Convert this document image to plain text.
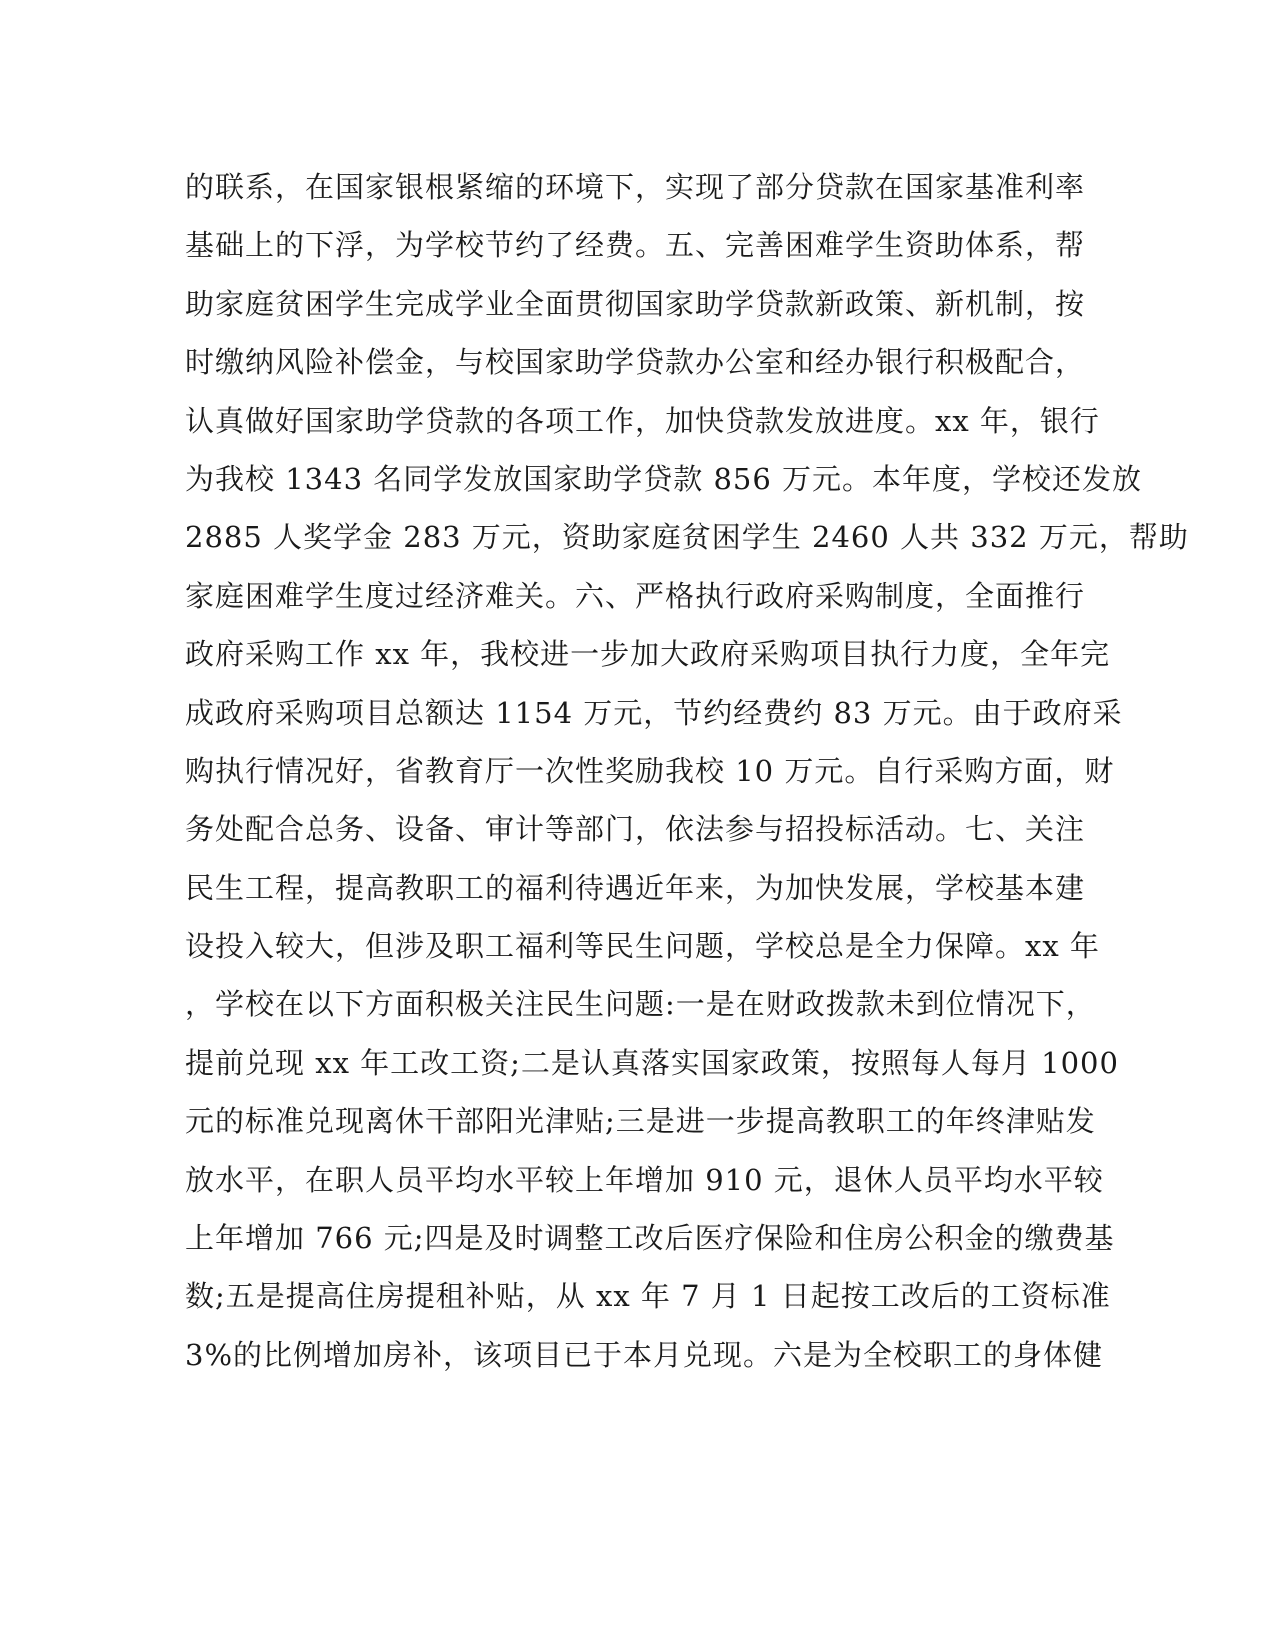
的联系，在国家银根紧缩的环境下，实现了部分贷款在国家基准利率
基础上的下浮，为学校节约了经费。五、完善困难学生资助体系，帮
助家庭贫困学生完成学业全面贯彻国家助学贷款新政策、新机制，按
时缴纳风险补偿金，与校国家助学贷款办公室和经办银行积极配合，
认真做好国家助学贷款的各项工作，加快贷款发放进度。xx 年，银行
为我校 1343 名同学发放国家助学贷款 856 万元。本年度，学校还发放
2885 人奖学金 283 万元，资助家庭贫困学生 2460 人共 332 万元，帮助
家庭困难学生度过经济难关。六、严格执行政府采购制度，全面推行
政府采购工作 xx 年，我校进一步加大政府采购项目执行力度，全年完
成政府采购项目总额达 1154 万元，节约经费约 83 万元。由于政府采
购执行情况好，省教育厅一次性奖励我校 10 万元。自行采购方面，财
务处配合总务、设备、审计等部门，依法参与招投标活动。七、关注
民生工程，提高教职工的福利待遇近年来，为加快发展，学校基本建
设投入较大，但涉及职工福利等民生问题，学校总是全力保障。xx 年
，学校在以下方面积极关注民生问题:一是在财政拨款未到位情况下，
提前兑现 xx 年工改工资;二是认真落实国家政策，按照每人每月 1000
元的标准兑现离休干部阳光津贴;三是进一步提高教职工的年终津贴发
放水平，在职人员平均水平较上年增加 910 元，退休人员平均水平较
上年增加 766 元;四是及时调整工改后医疗保险和住房公积金的缴费基
数;五是提高住房提租补贴，从 xx 年 7 月 1 日起按工改后的工资标准
3%的比例增加房补，该项目已于本月兑现。六是为全校职工的身体健
